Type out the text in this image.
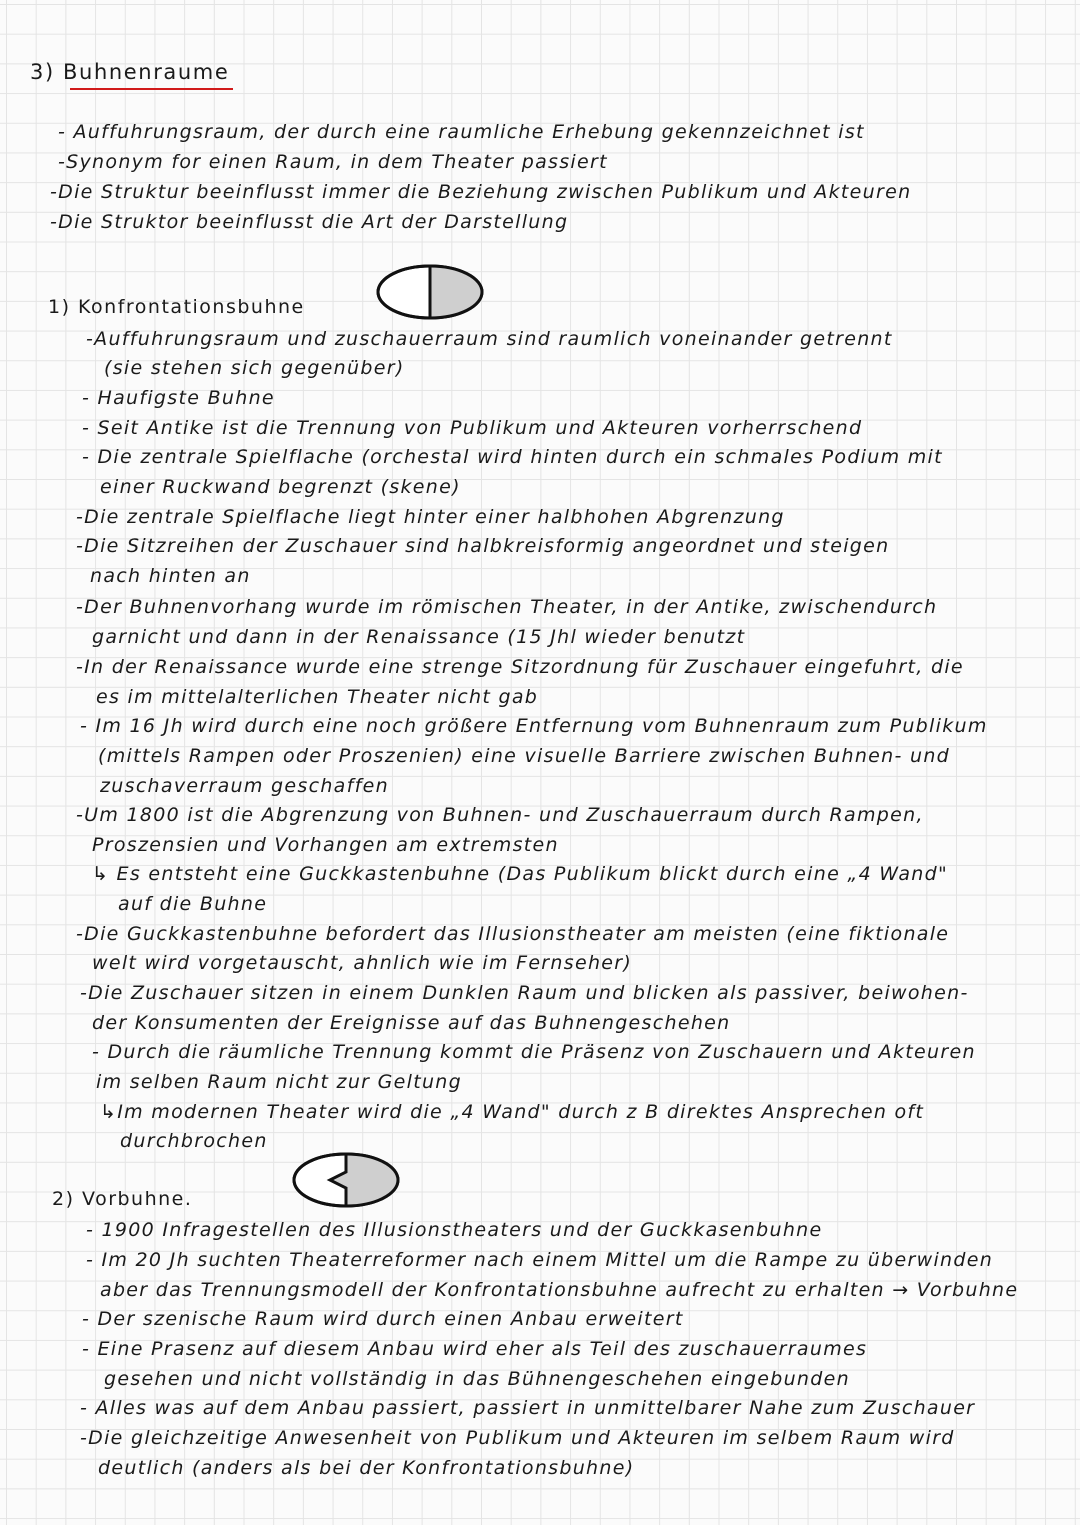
3) Buhnenraume
- Auffuhrungsraum, der durch eine raumliche Erhebung gekennzeichnet ist
-Synonym for einen Raum, in dem Theater passiert
-Die Struktur beeinflusst immer die Beziehung zwischen Publikum und Akteuren
-Die Struktor beeinflusst die Art der Darstellung
1) Konfrontationsbuhne
-Auffuhrungsraum und zuschauerraum sind raumlich voneinander getrennt
(sie stehen sich gegenüber)
- Haufigste Buhne
- Seit Antike ist die Trennung von Publikum und Akteuren vorherrschend
- Die zentrale Spielflache (orchestal wird hinten durch ein schmales Podium mit
einer Ruckwand begrenzt (skene)
-Die zentrale Spielflache liegt hinter einer halbhohen Abgrenzung
-Die Sitzreihen der Zuschauer sind halbkreisformig angeordnet und steigen
nach hinten an
-Der Buhnenvorhang wurde im römischen Theater, in der Antike, zwischendurch
garnicht und dann in der Renaissance (15 Jhl wieder benutzt
-In der Renaissance wurde eine strenge Sitzordnung für Zuschauer eingefuhrt, die
es im mittelalterlichen Theater nicht gab
- Im 16 Jh wird durch eine noch größere Entfernung vom Buhnenraum zum Publikum
(mittels Rampen oder Proszenien) eine visuelle Barriere zwischen Buhnen- und
zuschaverraum geschaffen
-Um 1800 ist die Abgrenzung von Buhnen- und Zuschauerraum durch Rampen,
Proszensien und Vorhangen am extremsten
↳ Es entsteht eine Guckkastenbuhne (Das Publikum blickt durch eine „4 Wand"
auf die Buhne
-Die Guckkastenbuhne befordert das Illusionstheater am meisten (eine fiktionale
welt wird vorgetauscht, ahnlich wie im Fernseher)
-Die Zuschauer sitzen in einem Dunklen Raum und blicken als passiver, beiwohen-
der Konsumenten der Ereignisse auf das Buhnengeschehen
- Durch die räumliche Trennung kommt die Präsenz von Zuschauern und Akteuren
im selben Raum nicht zur Geltung
↳Im modernen Theater wird die „4 Wand" durch z B direktes Ansprechen oft
durchbrochen
2) Vorbuhne.
- 1900 Infragestellen des Illusionstheaters und der Guckkasenbuhne
- Im 20 Jh suchten Theaterreformer nach einem Mittel um die Rampe zu überwinden
aber das Trennungsmodell der Konfrontationsbuhne aufrecht zu erhalten → Vorbuhne
- Der szenische Raum wird durch einen Anbau erweitert
- Eine Prasenz auf diesem Anbau wird eher als Teil des zuschauerraumes
gesehen und nicht vollständig in das Bühnengeschehen eingebunden
- Alles was auf dem Anbau passiert, passiert in unmittelbarer Nahe zum Zuschauer
-Die gleichzeitige Anwesenheit von Publikum und Akteuren im selbem Raum wird
deutlich (anders als bei der Konfrontationsbuhne)
